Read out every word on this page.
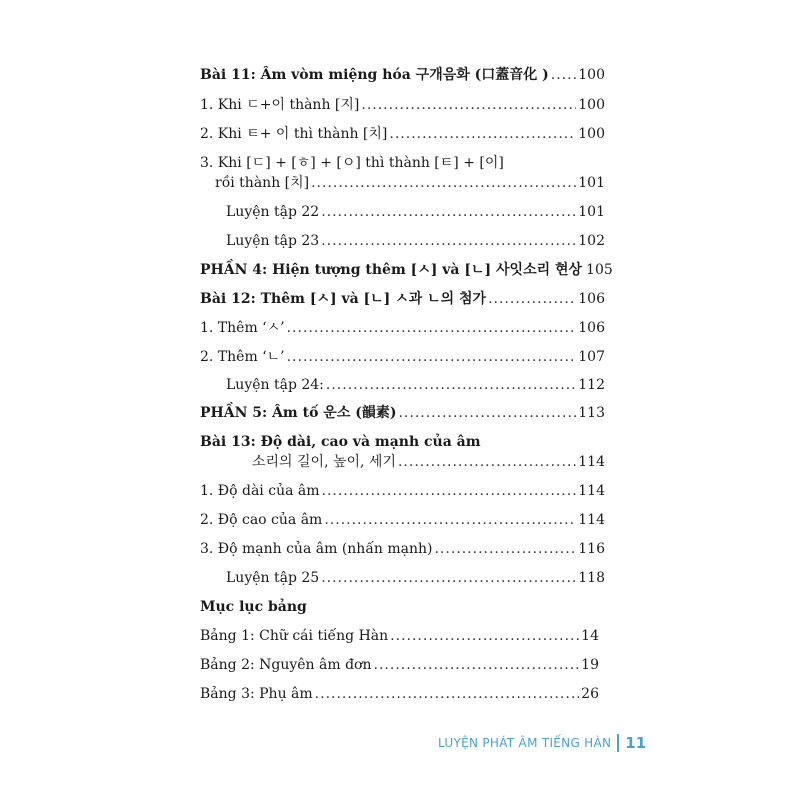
Bài 11: Âm vòm miệng hóa 구개음화 (口蓋音化 ) ..... 100
1. Khi ㄷ+이 thành [지] .....	100
2. Khi ㅌ+ 이 thì thành [치] .....	100
3. Khi [ㄷ] + [ㅎ] + [ㅇ] thì thành [ㅌ] + [이]
rồi thành [치] .....	101
Luyện tập 22 .....	101
Luyện tập 23 .....	102
PHẦN 4: Hiện tượng thêm [ㅅ] và [ㄴ] 사잇소리 현상 105
Bài 12: Thêm [ㅅ] và [ㄴ] ㅅ과 ㄴ의 첨가 .....	106
1. Thêm ‘ㅅ’ .....	106
2. Thêm ‘ㄴ’ .....	107
Luyện tập 24: .....	112
PHẦN 5: Âm tố 운소 (韻素) .....	113
Bài 13: Độ dài, cao và mạnh của âm
소리의 길이, 높이, 세기 .....	114
1. Độ dài của âm .....	114
2. Độ cao của âm .....	114
3. Độ mạnh của âm (nhấn mạnh) .....	116
Luyện tập 25 .....	118
Mục lục bảng
Bảng 1: Chữ cái tiếng Hàn .....	14
Bảng 2: Nguyên âm đơn .....	19
Bảng 3: Phụ âm .....	26
LUYỆN PHÁT ÂM TIẾNG HÀN 11
